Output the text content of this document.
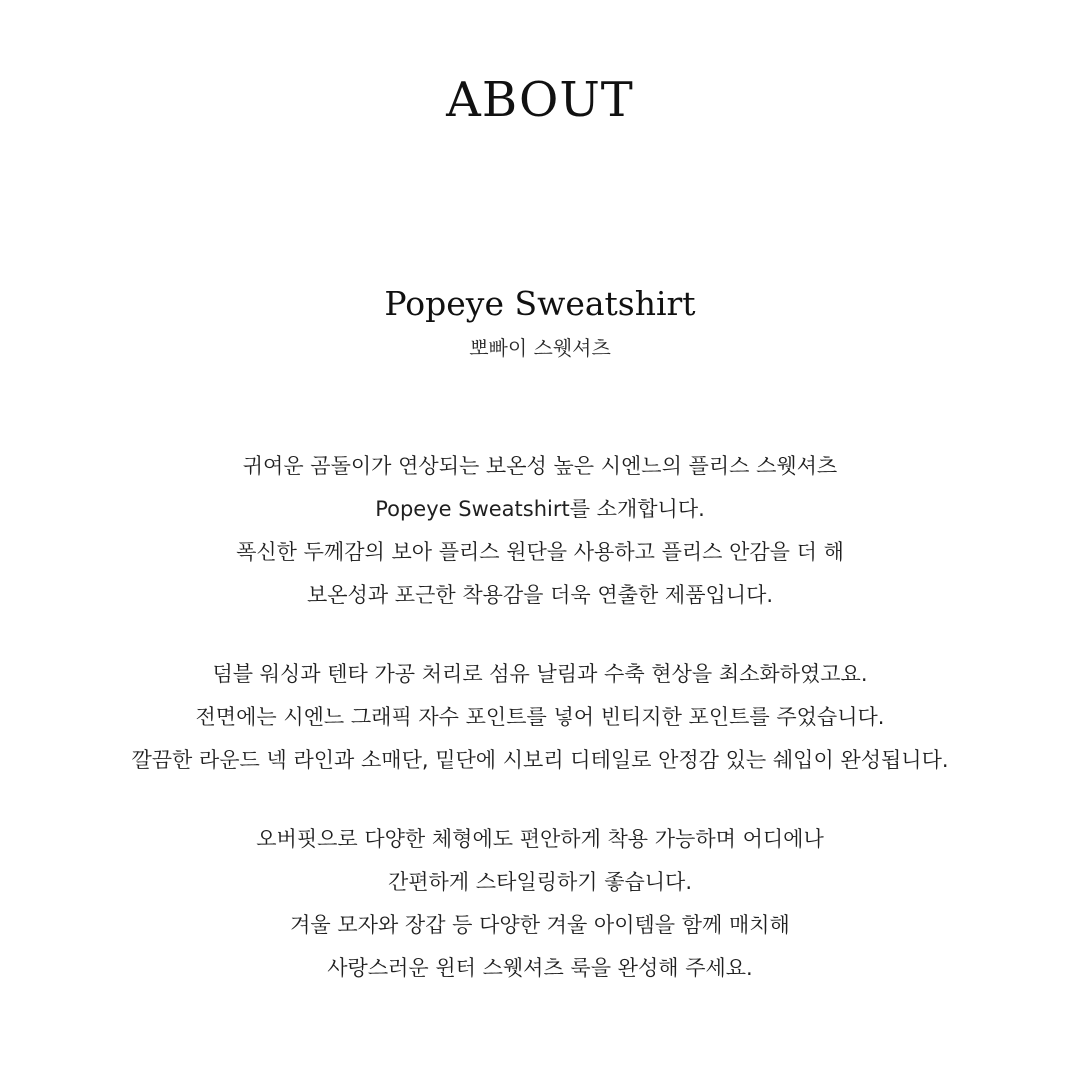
ABOUT
Popeye Sweatshirt

뽀빠이 스웻셔츠

귀여운 곰돌이가 연상되는 보온성 높은 시엔느의 플리스 스웻셔츠
Popeye Sweatshirt를 소개합니다.
폭신한 두께감의 보아 플리스 원단을 사용하고 플리스 안감을 더 해
보온성과 포근한 착용감을 더욱 연출한 제품입니다.

덤블 워싱과 텐타 가공 처리로 섬유 날림과 수축 현상을 최소화하였고요.
전면에는 시엔느 그래픽 자수 포인트를 넣어 빈티지한 포인트를 주었습니다.
깔끔한 라운드 넥 라인과 소매단, 밑단에 시보리 디테일로 안정감 있는 쉐입이 완성됩니다.

오버핏으로 다양한 체형에도 편안하게 착용 가능하며 어디에나
간편하게 스타일링하기 좋습니다.
겨울 모자와 장갑 등 다양한 겨울 아이템을 함께 매치해
사랑스러운 윈터 스웻셔츠 룩을 완성해 주세요.
